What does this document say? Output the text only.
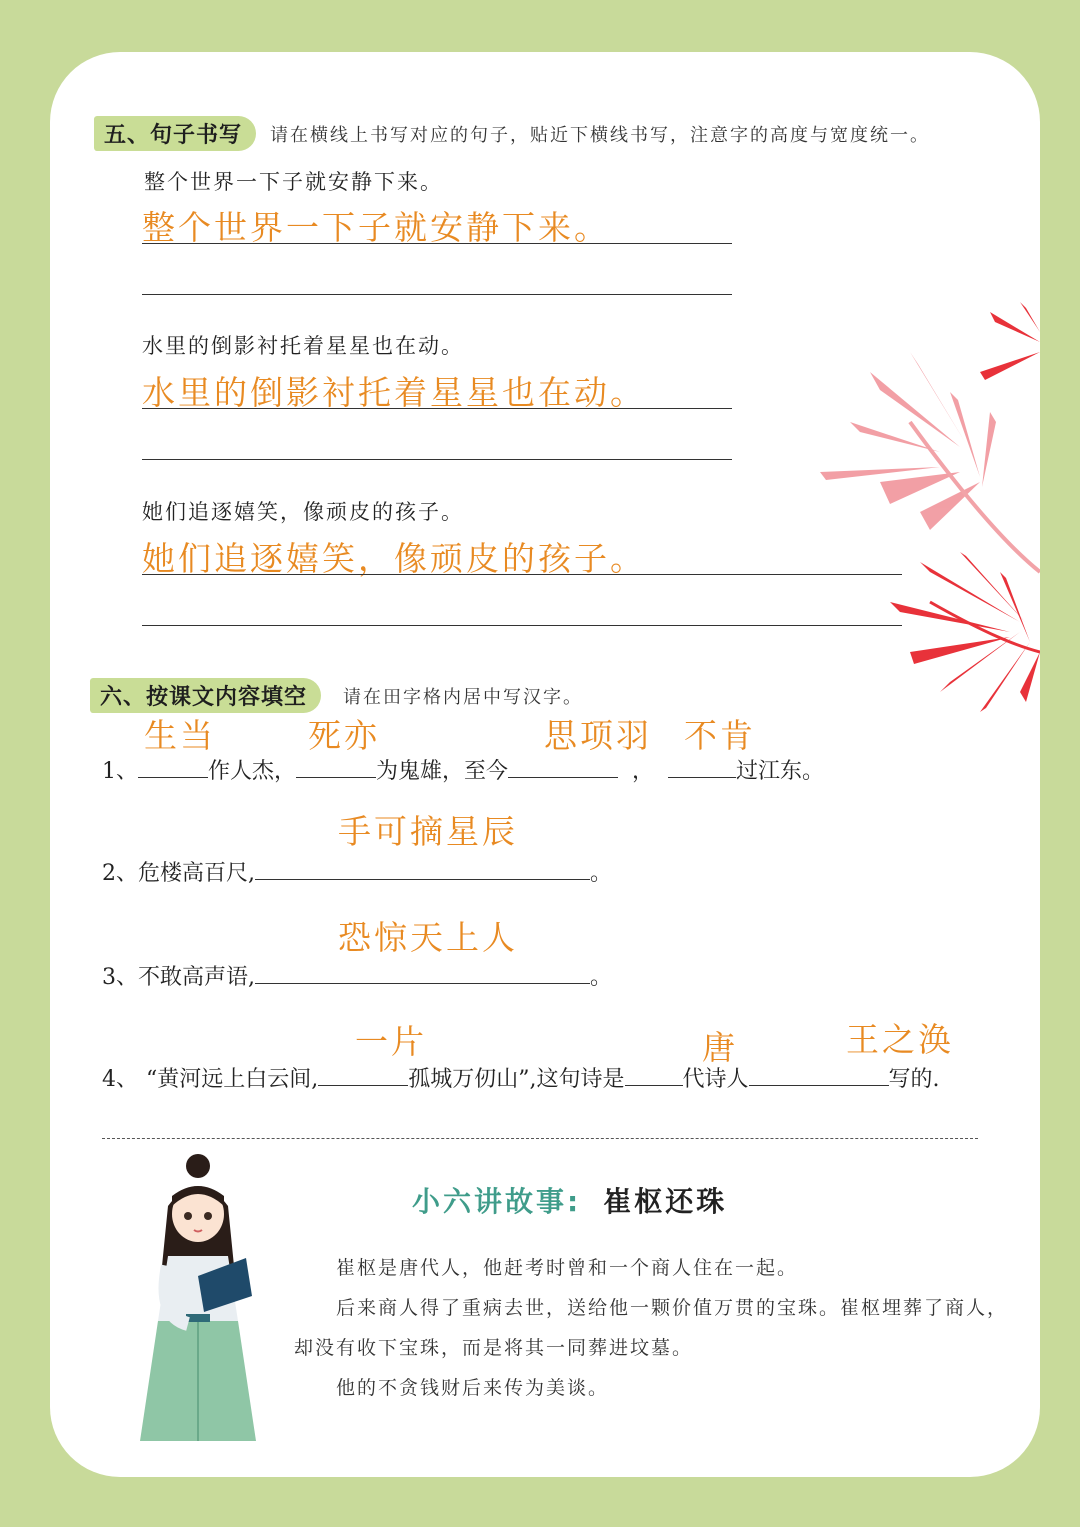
五、句子书写	请在横线上书写对应的句子，贴近下横线书写，注意字的高度与宽度统一。
整个世界一下子就安静下来。
整个世界一下子就安静下来。
水里的倒影衬托着星星也在动。
水里的倒影衬托着星星也在动。
她们追逐嬉笑，像顽皮的孩子。
她们追逐嬉笑，像顽皮的孩子。
六、按课文内容填空	请在田字格内居中写汉字。
生当	死亦	思项羽 不肯
1、	作人杰，	为鬼雄，至今	，	过江东。
手可摘星辰
2、危楼高百尺,	。
恐惊天上人
3、不敢高声语,	。
一片	唐	王之涣
4、 “黄河远上白云间,	孤城万仞山”,这句诗是	代诗人	写的.
小六讲故事: 崔枢还珠

崔枢是唐代人，他赶考时曾和一个商人住在一起。

后来商人得了重病去世，送给他一颗价值万贯的宝珠。崔枢埋葬了商人，却没有收下宝珠，而是将其一同葬进坟墓。

他的不贪钱财后来传为美谈。
